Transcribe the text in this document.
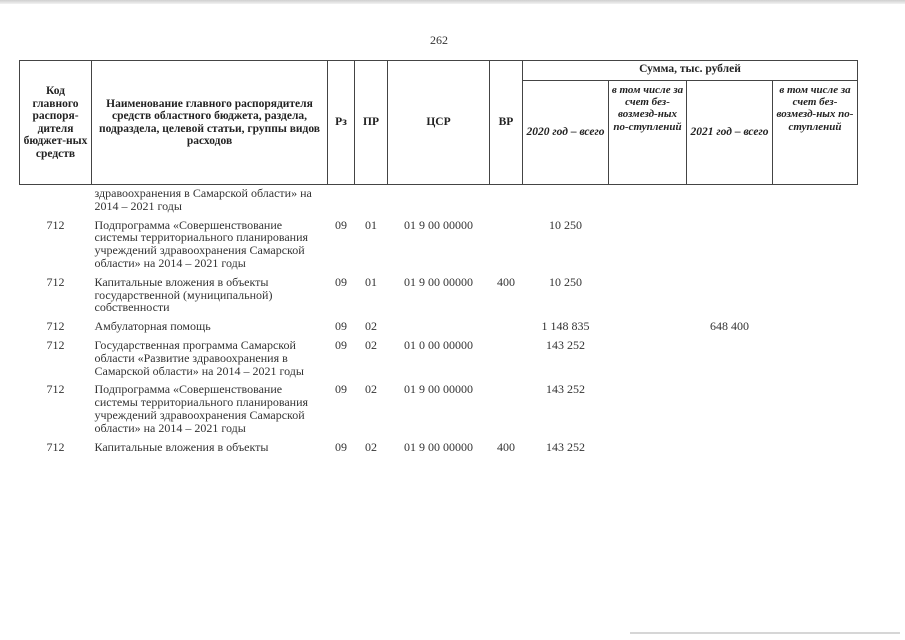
262
Код главного распоря-дителя бюджет-ных средств	Наименование главного распорядителя средств областного бюджета, раздела, подраздела, целевой статьи, группы видов расходов	Рз	ПР	ЦСР	ВР	Сумма, тыс. рублей			
						2020 год – всего	в том числе за счет без-возмезд-ных по-ступлений	2021 год – всего	в том числе за счет без-возмезд-ных по-ступлений
	здравоохранения в Самарской области» на 2014 – 2021 годы								
712	Подпрограмма «Совершенствование системы территориального планирования учреждений здравоохранения Самарской области» на 2014 – 2021 годы	09	01	01 9 00 00000		10 250			
712	Капитальные вложения в объекты государственной (муниципальной) собственности	09	01	01 9 00 00000	400	10 250			
712	Амбулаторная помощь	09	02			1 148 835		648 400	
712	Государственная программа Самарской области «Развитие здравоохранения в Самарской области» на 2014 – 2021 годы	09	02	01 0 00 00000		143 252			
712	Подпрограмма «Совершенствование системы территориального планирования учреждений здравоохранения Самарской области» на 2014 – 2021 годы	09	02	01 9 00 00000		143 252			
712	Капитальные вложения в объекты	09	02	01 9 00 00000	400	143 252			
